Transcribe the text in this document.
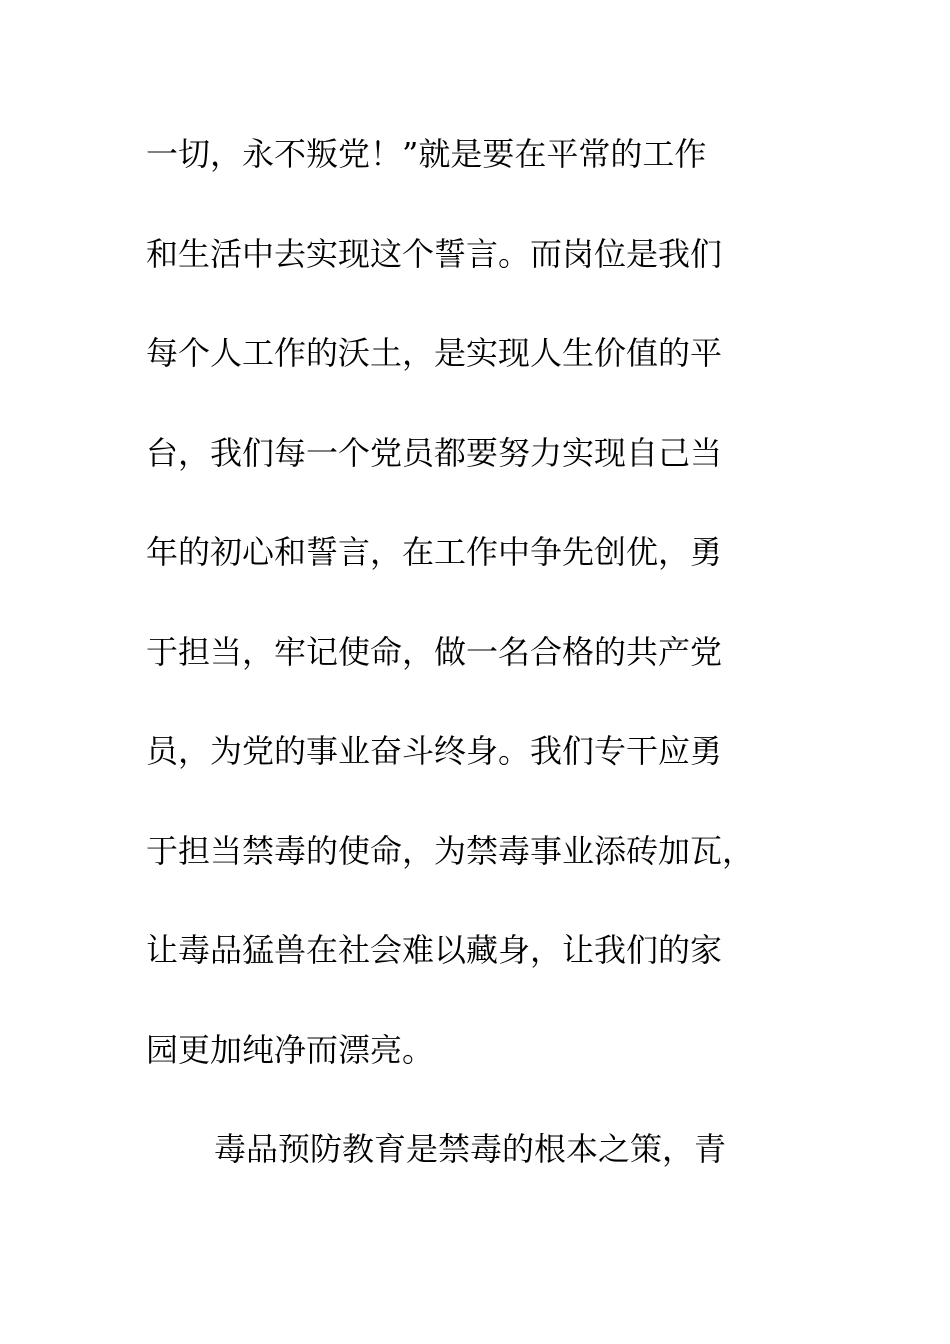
一切，永不叛党！”就是要在平常的工作
和生活中去实现这个誓言。而岗位是我们
每个人工作的沃土，是实现人生价值的平
台，我们每一个党员都要努力实现自己当
年的初心和誓言，在工作中争先创优，勇
于担当，牢记使命，做一名合格的共产党
员，为党的事业奋斗终身。我们专干应勇
于担当禁毒的使命，为禁毒事业添砖加瓦，
让毒品猛兽在社会难以藏身，让我们的家
园更加纯净而漂亮。
毒品预防教育是禁毒的根本之策，青
